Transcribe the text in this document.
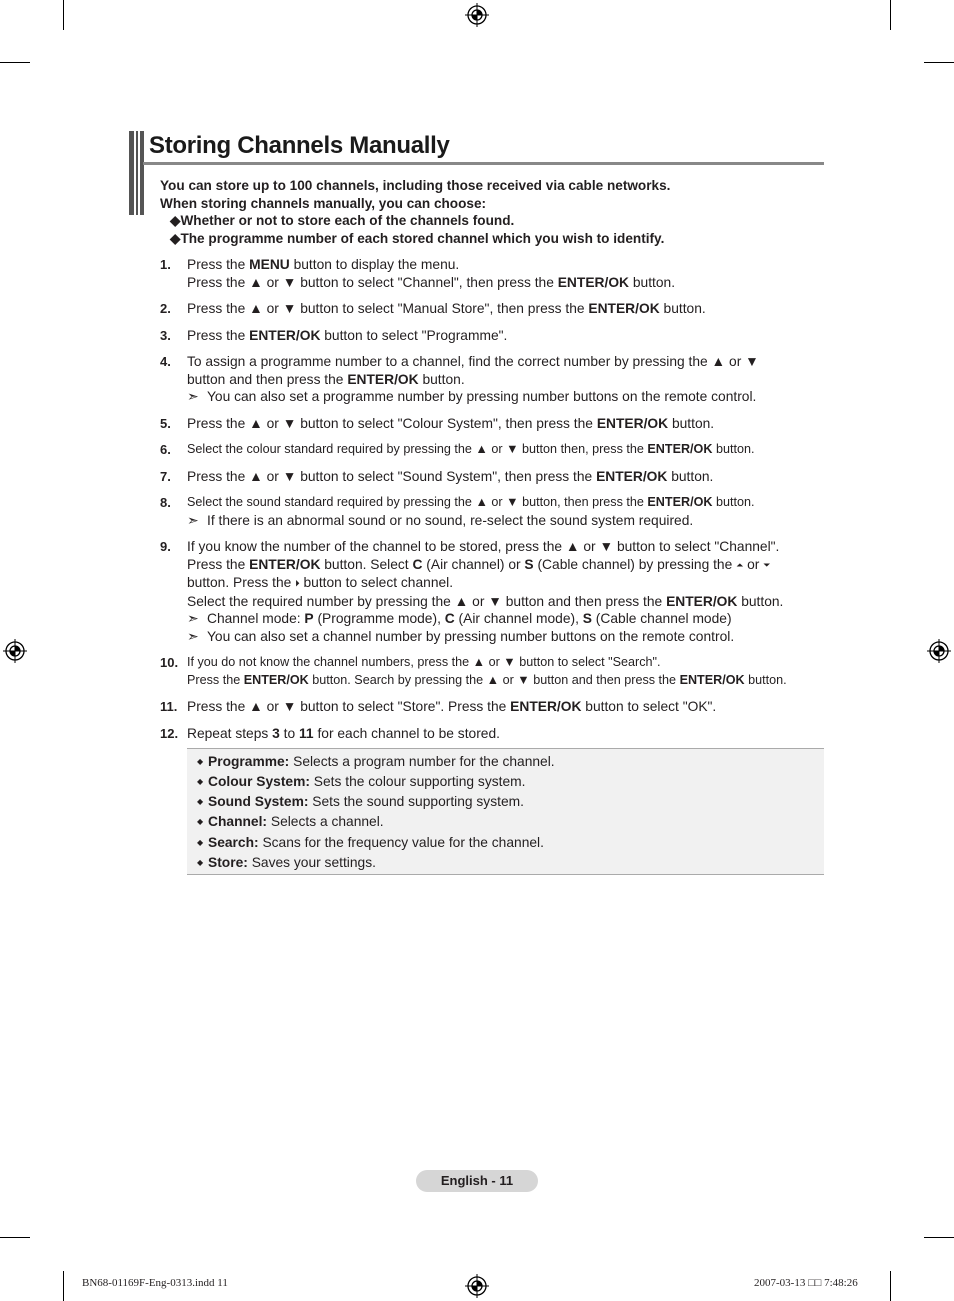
Storing Channels Manually
You can store up to 100 channels, including those received via cable networks.
When storing channels manually, you can choose:
◆Whether or not to store each of the channels found.
◆The programme number of each stored channel which you wish to identify.
1. Press the MENU button to display the menu.
Press the ▲ or ▼ button to select "Channel", then press the ENTER/OK button.
2. Press the ▲ or ▼ button to select "Manual Store", then press the ENTER/OK button.
3. Press the ENTER/OK button to select "Programme".
4. To assign a programme number to a channel, find the correct number by pressing the ▲ or ▼
button and then press the ENTER/OK button.
➣ You can also set a programme number by pressing number buttons on the remote control.
5. Press the ▲ or ▼ button to select "Colour System", then press the ENTER/OK button.
6. Select the colour standard required by pressing the ▲ or ▼ button then, press the ENTER/OK button.
7. Press the ▲ or ▼ button to select "Sound System", then press the ENTER/OK button.
8. Select the sound standard required by pressing the ▲ or ▼ button, then press the ENTER/OK button.
➣ If there is an abnormal sound or no sound, re-select the sound system required.
9. If you know the number of the channel to be stored, press the ▲ or ▼ button to select "Channel".
Press the ENTER/OK button. Select C (Air channel) or S (Cable channel) by pressing the ⏶ or ⏷
button. Press the ⏵ button to select channel.
Select the required number by pressing the ▲ or ▼ button and then press the ENTER/OK button.
➣ Channel mode: P (Programme mode), C (Air channel mode), S (Cable channel mode)
➣ You can also set a channel number by pressing number buttons on the remote control.
10. If you do not know the channel numbers, press the ▲ or ▼ button to select "Search".
Press the ENTER/OK button. Search by pressing the ▲ or ▼ button and then press the ENTER/OK button.
11. Press the ▲ or ▼ button to select "Store". Press the ENTER/OK button to select "OK".
12. Repeat steps 3 to 11 for each channel to be stored.
◆ Programme: Selects a program number for the channel.
◆ Colour System: Sets the colour supporting system.
◆ Sound System: Sets the sound supporting system.
◆ Channel: Selects a channel.
◆ Search: Scans for the frequency value for the channel.
◆ Store: Saves your settings.
English - 11
BN68-01169F-Eng-0313.indd 11	2007-03-13 □□ 7:48:26
